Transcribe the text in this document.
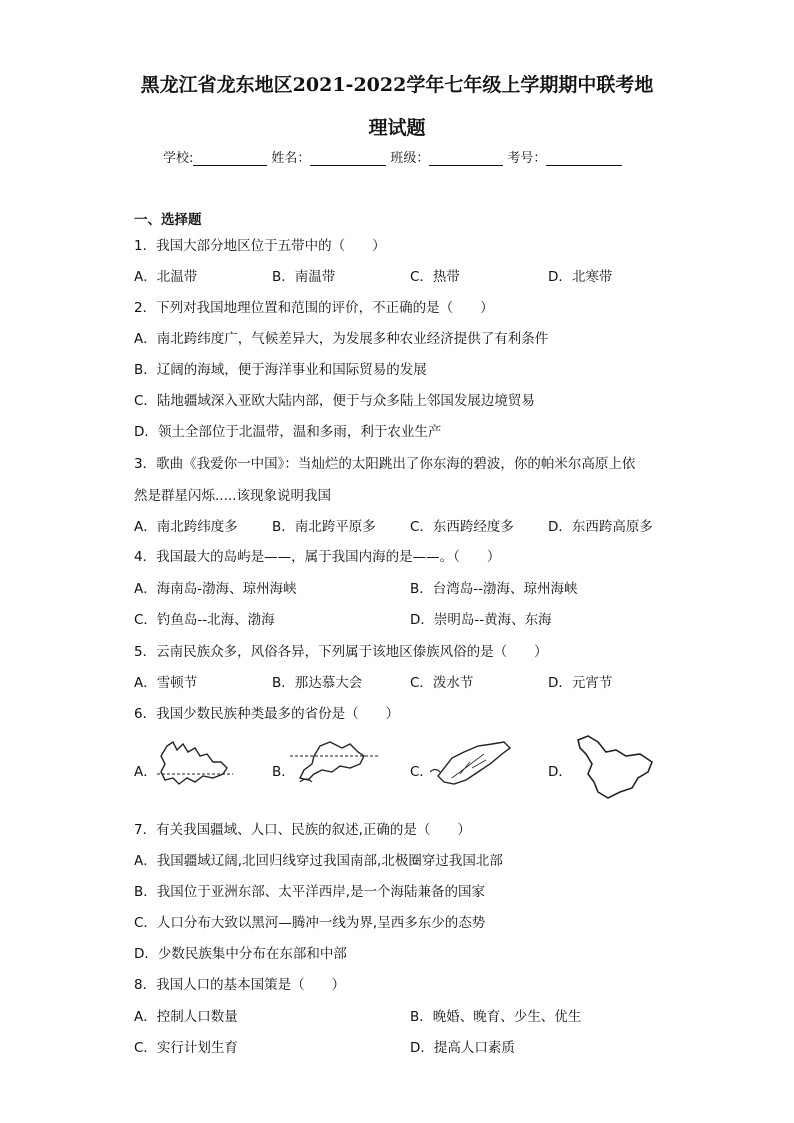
黑龙江省龙东地区2021-2022学年七年级上学期期中联考地
理试题
学校:	姓名：	班级：	考号：
一、选择题
1．我国大部分地区位于五带中的（　　）
A．北温带	B．南温带	C．热带	D．北寒带
2．下列对我国地理位置和范围的评价，不正确的是（　　）
A．南北跨纬度广，气候差异大，为发展多种农业经济提供了有利条件
B．辽阔的海域，便于海洋事业和国际贸易的发展
C．陆地疆域深入亚欧大陆内部，便于与众多陆上邻国发展边境贸易
D．领土全部位于北温带，温和多雨，利于农业生产
3．歌曲《我爱你一中国》：当灿烂的太阳跳出了你东海的碧波，你的帕米尔高原上依
然是群星闪烁.....该现象说明我国
A．南北跨纬度多	B．南北跨平原多	C．东西跨经度多	D．东西跨高原多
4．我国最大的岛屿是——，属于我国内海的是——。（　　）
A．海南岛-渤海、琼州海峡	B．台湾岛--渤海、琼州海峡
C．钓鱼岛--北海、渤海	D．崇明岛--黄海、东海
5．云南民族众多，风俗各异，下列属于该地区傣族风俗的是（　　）
A．雪顿节	B．那达慕大会	C．泼水节	D．元宵节
6．我国少数民族种类最多的省份是（　　）
A．	B．	C．	D．
7．有关我国疆域、人口、民族的叙述,正确的是（　　）
A．我国疆域辽阔,北回归线穿过我国南部,北极圈穿过我国北部
B．我国位于亚洲东部、太平洋西岸,是一个海陆兼备的国家
C．人口分布大致以黑河—腾冲一线为界,呈西多东少的态势
D．少数民族集中分布在东部和中部
8．我国人口的基本国策是（　　）
A．控制人口数量	B．晚婚、晚育、少生、优生
C．实行计划生育	D．提高人口素质
